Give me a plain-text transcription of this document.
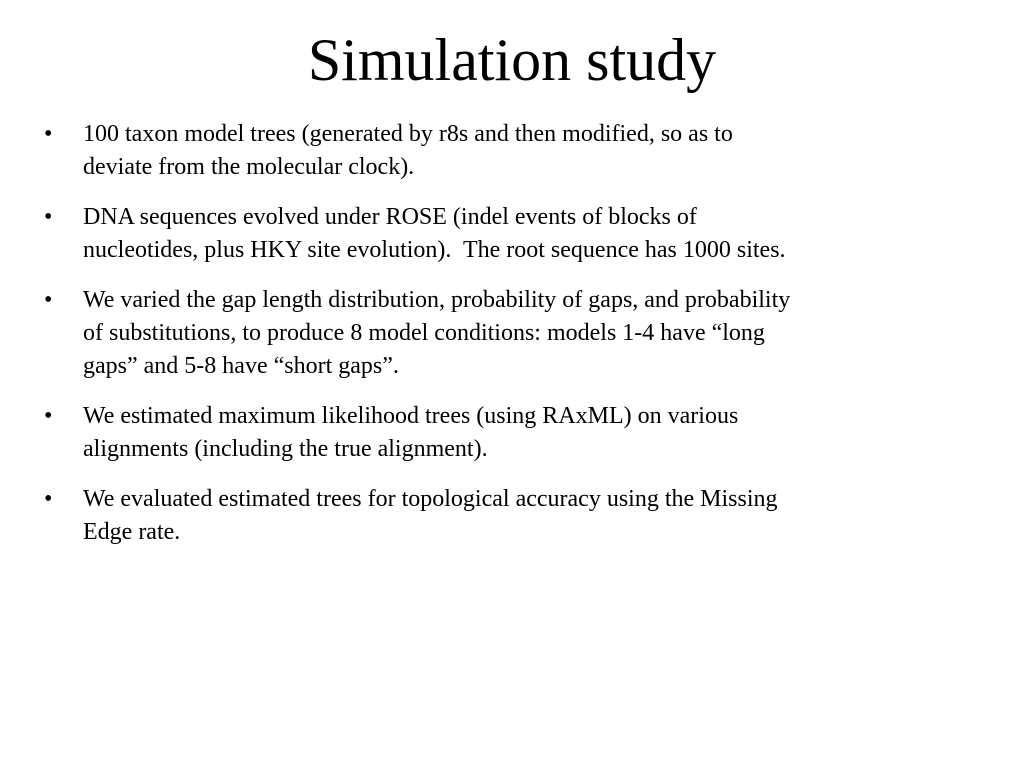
Simulation study
•	100 taxon model trees (generated by r8s and then modified, so as to
deviate from the molecular clock).
•	DNA sequences evolved under ROSE (indel events of blocks of
nucleotides, plus HKY site evolution).  The root sequence has 1000 sites.
•	We varied the gap length distribution, probability of gaps, and probability
of substitutions, to produce 8 model conditions: models 1-4 have “long
gaps” and 5-8 have “short gaps”.
•	We estimated maximum likelihood trees (using RAxML) on various
alignments (including the true alignment).
•	We evaluated estimated trees for topological accuracy using the Missing
Edge rate.
